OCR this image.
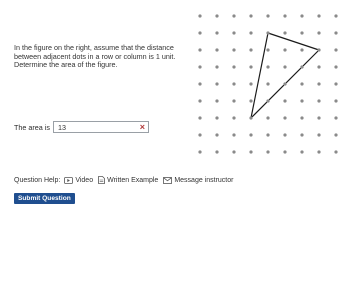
In the figure on the right, assume that the distance

between adjacent dots in a row or column is 1 unit.

Determine the area of the figure.

The area is 13	×
Question Help: Video Written Example Message instructor
Submit Question
